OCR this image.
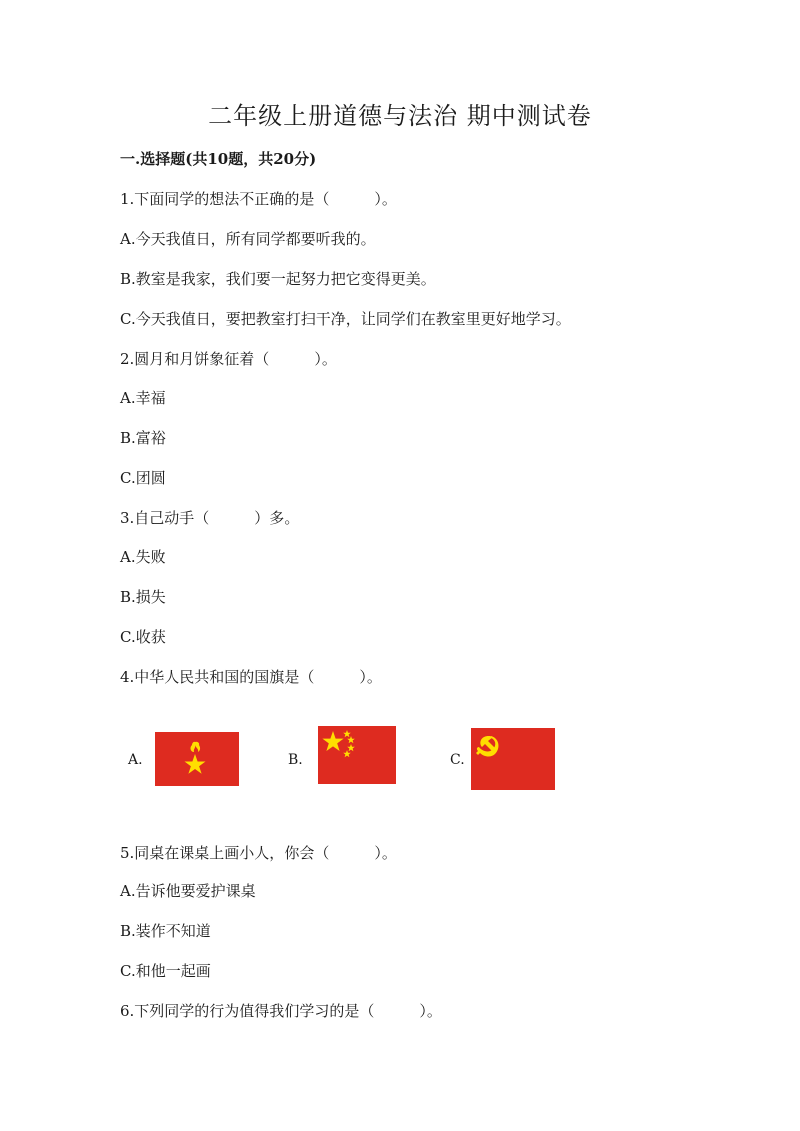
二年级上册道德与法治 期中测试卷
一.选择题(共10题，共20分)
1.下面同学的想法不正确的是（　　　）。
A.今天我值日，所有同学都要听我的。
B.教室是我家，我们要一起努力把它变得更美。
C.今天我值日，要把教室打扫干净，让同学们在教室里更好地学习。
2.圆月和月饼象征着（　　　）。
A.幸福
B.富裕
C.团圆
3.自己动手（　　　）多。
A.失败
B.损失
C.收获
4.中华人民共和国的国旗是（　　　）。
A.	B.	C.
5.同桌在课桌上画小人，你会（　　　）。
A.告诉他要爱护课桌
B.装作不知道
C.和他一起画
6.下列同学的行为值得我们学习的是（　　　）。
